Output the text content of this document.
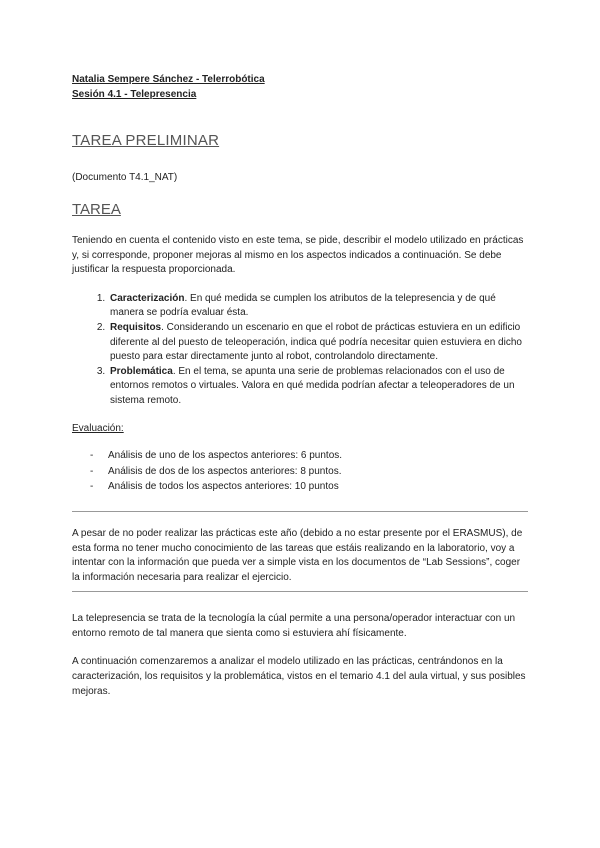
Natalia Sempere Sánchez - Telerrobótica
Sesión 4.1 - Telepresencia
TAREA PRELIMINAR
(Documento T4.1_NAT)
TAREA

Teniendo en cuenta el contenido visto en este tema, se pide, describir el modelo utilizado en prácticas y, si corresponde, proponer mejoras al mismo en los aspectos indicados a continuación. Se debe justificar la respuesta proporcionada.

1. Caracterización. En qué medida se cumplen los atributos de la telepresencia y de qué manera se podría evaluar ésta.
2. Requisitos. Considerando un escenario en que el robot de prácticas estuviera en un edificio diferente al del puesto de teleoperación, indica qué podría necesitar quien estuviera en dicho puesto para estar directamente junto al robot, controlandolo directamente.
3. Problemática. En el tema, se apunta una serie de problemas relacionados con el uso de entornos remotos o virtuales. Valora en qué medida podrían afectar a teleoperadores de un sistema remoto.

Evaluación:

- Análisis de uno de los aspectos anteriores: 6 puntos.
- Análisis de dos de los aspectos anteriores: 8 puntos.
- Análisis de todos los aspectos anteriores: 10 puntos

A pesar de no poder realizar las prácticas este año (debido a no estar presente por el ERASMUS), de esta forma no tener mucho conocimiento de las tareas que estáis realizando en la laboratorio, voy a intentar con la información que pueda ver a simple vista en los documentos de “Lab Sessions”, coger la información necesaria para realizar el ejercicio.

La telepresencia se trata de la tecnología la cúal permite a una persona/operador interactuar con un entorno remoto de tal manera que sienta como si estuviera ahí físicamente.

A continuación comenzaremos a analizar el modelo utilizado en las prácticas, centrándonos en la caracterización, los requisitos y la problemática, vistos en el temario 4.1 del aula virtual, y sus posibles mejoras.
